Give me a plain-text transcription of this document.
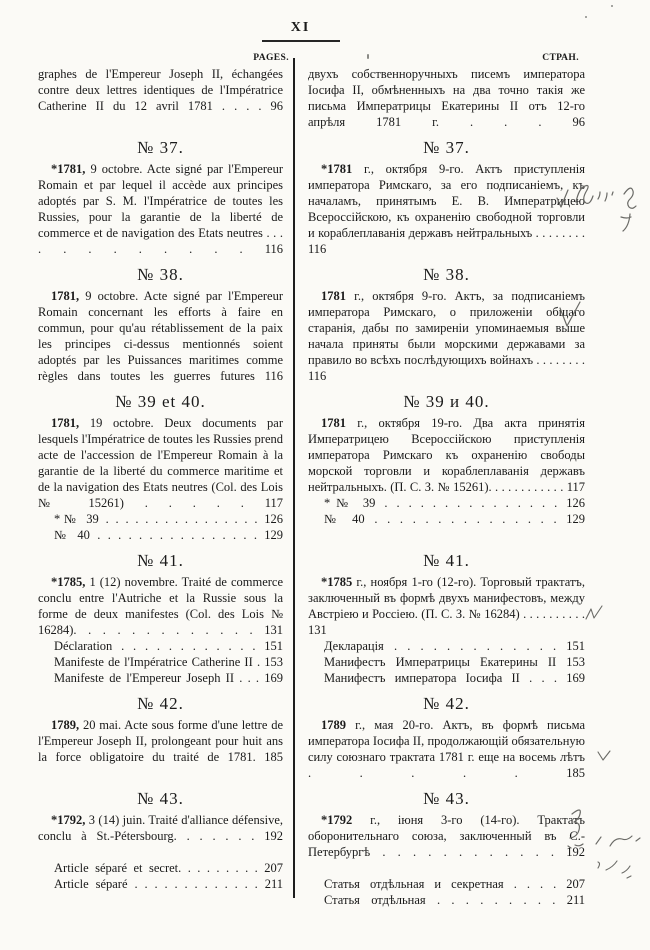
XI
PAGES.	СТРАН.

graphes de l'Empereur Joseph II, échangées contre deux lettres identiques de l'Impératrice Catherine II du 12 avril 1781 . . . . 96

двухъ собственноручныхъ писемъ императора Іосифа II, обмѣненныхъ на два точно такія же письма Императрицы Екатерины II отъ 12-го апрѣля 1781 г. . . . 96

№ 37.

*1781, 9 octobre. Acte signé par l'Empereur Romain et par lequel il accède aux principes adoptés par S. M. l'Impératrice de toutes les Russies, pour la garantie de la liberté de commerce et de navigation des Etats neutres . . . . . . . . . . . . 116

№ 37.

*1781 г., октября 9-го. Актъ приступленія императора Римскаго, за его подписаніемъ, къ началамъ, принятымъ Е. В. Императрицею Всероссійскою, къ охраненію свободной торговли и кораблеплаванія державъ нейтральныхъ . . . . . . . . 116

№ 38.

1781, 9 octobre. Acte signé par l'Empereur Romain concernant les efforts à faire en commun, pour qu'au rétablissement de la paix les principes ci-dessus mentionnés soient adoptés par les Puissances maritimes comme règles dans toutes les guerres futures 116

№ 38.

1781 г., октября 9-го. Актъ, за подписаніемъ императора Римскаго, о приложеніи общаго старанія, дабы по замиреніи упоминаемыя выше начала приняты были морскими державами за правило во всѣхъ послѣдующихъ войнахъ . . . . . . . . 116

№ 39 et 40.

1781, 19 octobre. Deux documents par lesquels l'Impératrice de toutes les Russies prend acte de l'accession de l'Empereur Romain à la garantie de la liberté du commerce maritime et de la navigation des Etats neutres (Col. des Lois № 15261) . . . . . 117

*№ 39 . . . . . . . . . . . . . . . . 126

№ 40 . . . . . . . . . . . . . . . . 129

№ 39 и 40.

1781 г., октября 19-го. Два акта принятія Императрицею Всероссійскою приступленія императора Римскаго къ охраненію свободы морской торговли и кораблеплаванія державъ нейтральныхъ. (П. С. З. № 15261). . . . . . . . . . . . 117

*№ 39 . . . . . . . . . . . . . . . 126

№ 40 . . . . . . . . . . . . . . . 129

№ 41.

*1785, 1 (12) novembre. Traité de commerce conclu entre l'Autriche et la Russie sous la forme de deux manifestes (Col. des Lois № 16284). . . . . . . . . . . . . 131

Déclaration . . . . . . . . . . . . 151

Manifeste de l'Impératrice Catherine II . 153

Manifeste de l'Empereur Joseph II . . . 169

№ 41.

*1785 г., ноября 1-го (12-го). Торговый трактатъ, заключенный въ формѣ двухъ манифестовъ, между Австріею и Россіею. (П. С. З. № 16284) . . . . . . . . . . 131

Декларація . . . . . . . . . . . . . 151

Манифестъ Императрицы Екатерины II 153

Манифестъ императора Іосифа II . . . 169

№ 42.

1789, 20 mai. Acte sous forme d'une lettre de l'Empereur Joseph II, prolongeant pour huit ans la force obligatoire du traité de 1781. 185

№ 42.

1789 г., мая 20-го. Актъ, въ формѣ письма императора Іосифа II, продолжающій обязательную силу союзнаго трактата 1781 г. еще на восемь лѣтъ . . . . .	185

№ 43.

*1792, 3 (14) juin. Traité d'alliance défensive, conclu à St.-Pétersbourg. . . . . . . 192

Article séparé et secret. . . . . . . . . 207

Article séparé . . . . . . . . . . . . . 211

№ 43.

*1792 г., іюня 3-го (14-го). Трактатъ оборонительнаго союза, заключенный въ С.-Петербургѣ . . . . . . . . . . . . 192

Статья отдѣльная и секретная . . . . 207

Статья отдѣльная . . . . . . . . . 211
